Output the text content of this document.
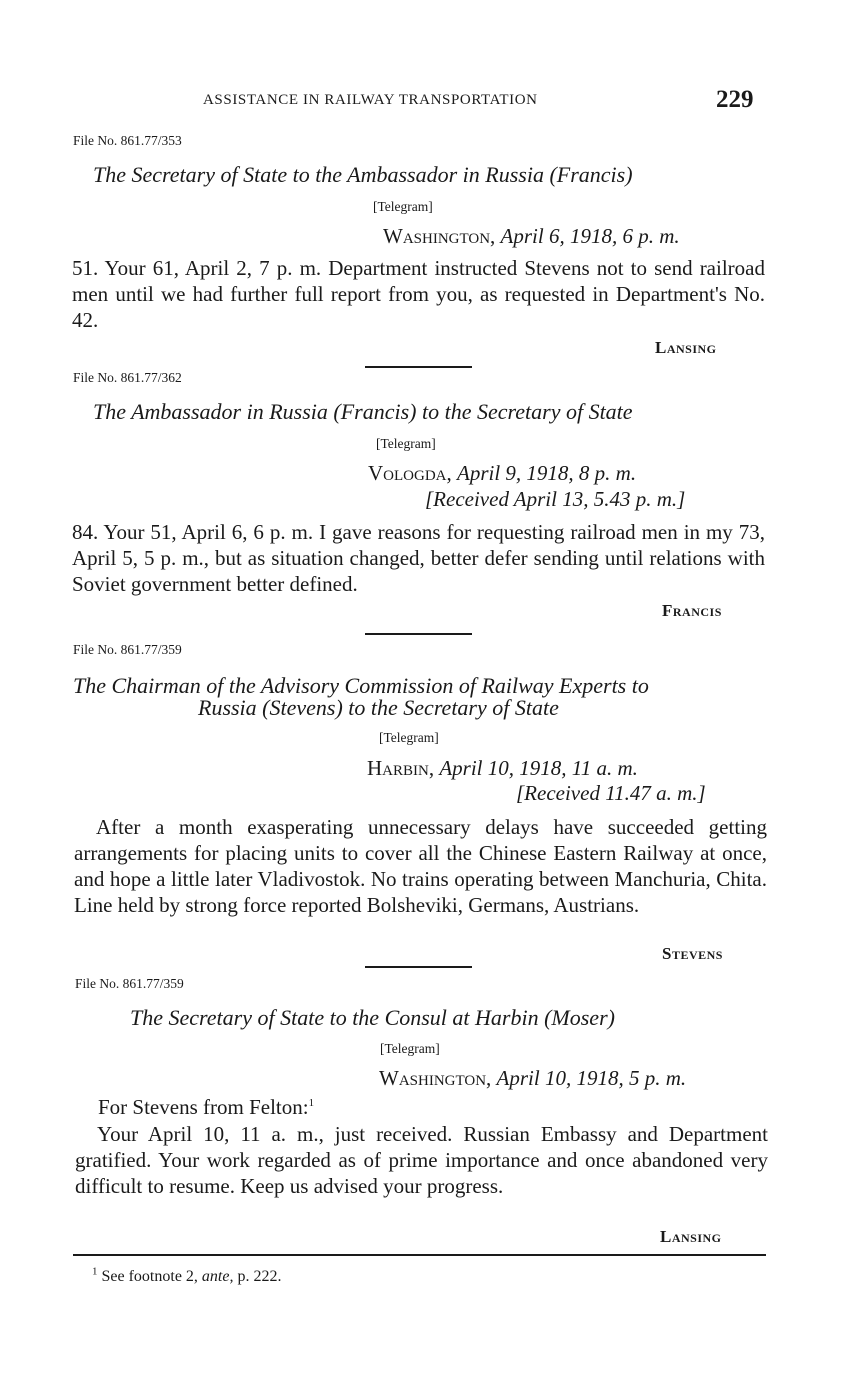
ASSISTANCE IN RAILWAY TRANSPORTATION	229
File No. 861.77/353
The Secretary of State to the Ambassador in Russia (Francis)
[Telegram]
Washington, April 6, 1918, 6 p. m.
51. Your 61, April 2, 7 p. m. Department instructed Stevens not to send railroad men until we had further full report from you, as requested in Department's No. 42.
Lansing
File No. 861.77/362
The Ambassador in Russia (Francis) to the Secretary of State
[Telegram]
Vologda, April 9, 1918, 8 p. m.
[Received April 13, 5.43 p. m.]
84. Your 51, April 6, 6 p. m. I gave reasons for requesting railroad men in my 73, April 5, 5 p. m., but as situation changed, better defer sending until relations with Soviet government better defined.
Francis
File No. 861.77/359
The Chairman of the Advisory Commission of Railway Experts to
Russia (Stevens) to the Secretary of State
[Telegram]
Harbin, April 10, 1918, 11 a. m.
[Received 11.47 a. m.]
After a month exasperating unnecessary delays have succeeded getting arrangements for placing units to cover all the Chinese Eastern Railway at once, and hope a little later Vladivostok. No trains operating between Manchuria, Chita. Line held by strong force reported Bolsheviki, Germans, Austrians.
Stevens
File No. 861.77/359
The Secretary of State to the Consul at Harbin (Moser)
[Telegram]
Washington, April 10, 1918, 5 p. m.
For Stevens from Felton:$^1$
Your April 10, 11 a. m., just received. Russian Embassy and Department gratified. Your work regarded as of prime importance and once abandoned very difficult to resume. Keep us advised your progress.
Lansing
$^1$ See footnote 2, ante, p. 222.
